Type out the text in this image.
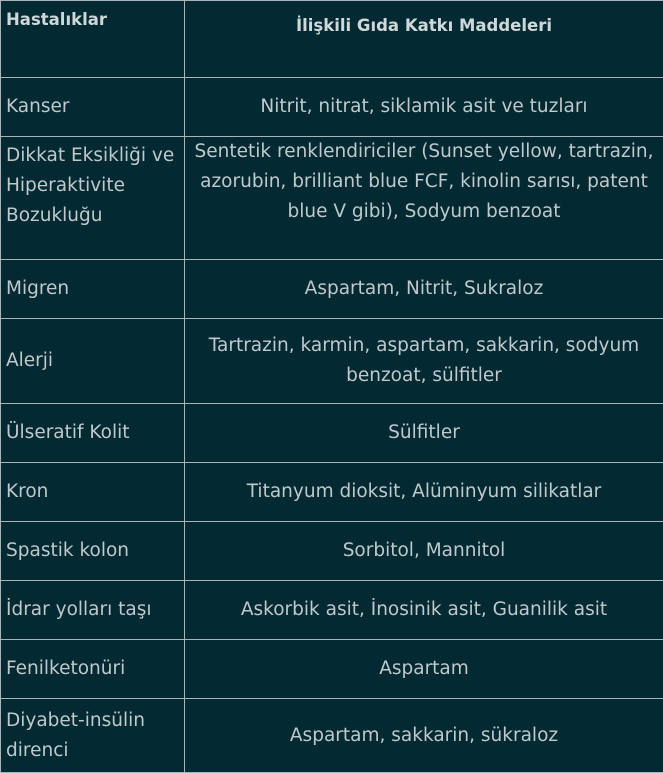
Hastalıklar	İlişkili Gıda Katkı Maddeleri
Kanser	Nitrit, nitrat, siklamik asit ve tuzları
Dikkat Eksikliği ve Hiperaktivite Bozukluğu	Sentetik renklendiriciler (Sunset yellow, tartrazin, azorubin, brilliant blue FCF, kinolin sarısı, patent blue V gibi), Sodyum benzoat
Migren	Aspartam, Nitrit, Sukraloz
Alerji	Tartrazin, karmin, aspartam, sakkarin, sodyum benzoat, sülfitler
Ülseratif Kolit	Sülfitler
Kron	Titanyum dioksit, Alüminyum silikatlar
Spastik kolon	Sorbitol, Mannitol
İdrar yolları taşı	Askorbik asit, İnosinik asit, Guanilik asit
Fenilketonüri	Aspartam
Diyabet-insülin direnci	Aspartam, sakkarin, sükraloz
